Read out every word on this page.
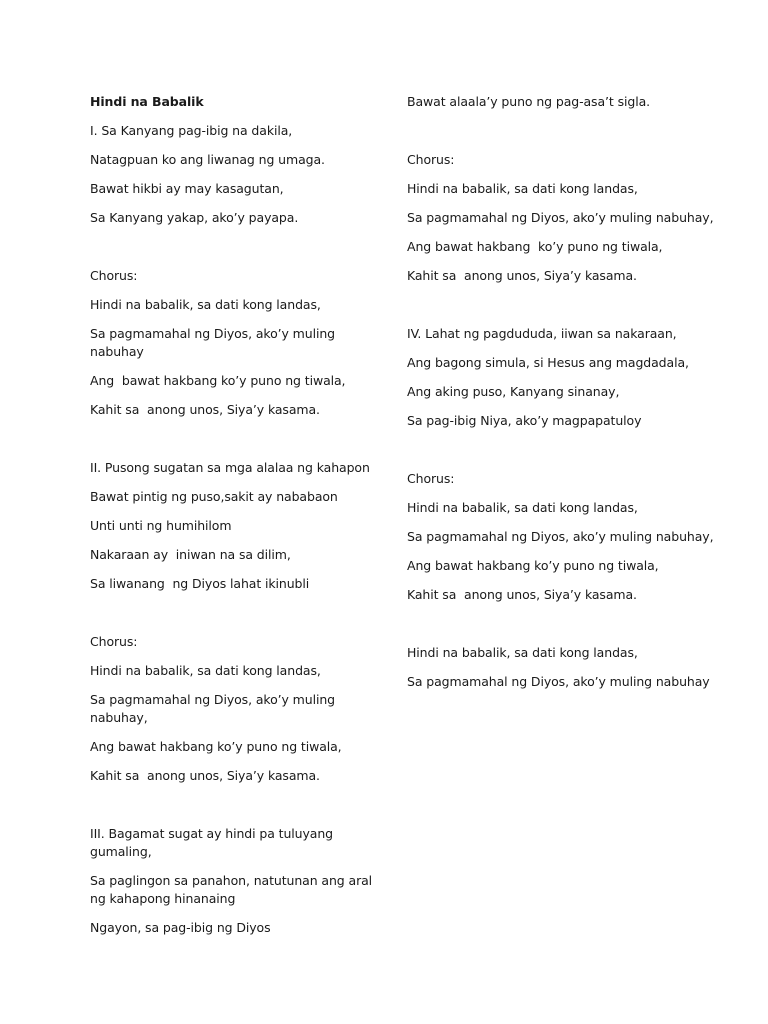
Hindi na Babalik
I. Sa Kanyang pag-ibig na dakila,
Natagpuan ko ang liwanag ng umaga.
Bawat hikbi ay may kasagutan,
Sa Kanyang yakap, ako’y payapa.
Chorus:
Hindi na babalik, sa dati kong landas,
Sa pagmamahal ng Diyos, ako’y muling nabuhay
Ang  bawat hakbang ko’y puno ng tiwala,
Kahit sa  anong unos, Siya’y kasama.
II. Pusong sugatan sa mga alalaa ng kahapon
Bawat pintig ng puso,sakit ay nababaon
Unti unti ng humihilom
Nakaraan ay  iniwan na sa dilim,
Sa liwanang  ng Diyos lahat ikinubli
Chorus:
Hindi na babalik, sa dati kong landas,
Sa pagmamahal ng Diyos, ako’y muling nabuhay,
Ang bawat hakbang ko’y puno ng tiwala,
Kahit sa  anong unos, Siya’y kasama.
III. Bagamat sugat ay hindi pa tuluyang gumaling,
Sa paglingon sa panahon, natutunan ang aral ng kahapong hinanaing
Ngayon, sa pag-ibig ng Diyos
Bawat alaala’y puno ng pag-asa’t sigla.
Chorus:
Hindi na babalik, sa dati kong landas,
Sa pagmamahal ng Diyos, ako’y muling nabuhay,
Ang bawat hakbang  ko’y puno ng tiwala,
Kahit sa  anong unos, Siya’y kasama.
IV. Lahat ng pagdududa, iiwan sa nakaraan,
Ang bagong simula, si Hesus ang magdadala,
Ang aking puso, Kanyang sinanay,
Sa pag-ibig Niya, ako’y magpapatuloy
Chorus:
Hindi na babalik, sa dati kong landas,
Sa pagmamahal ng Diyos, ako’y muling nabuhay,
Ang bawat hakbang ko’y puno ng tiwala,
Kahit sa  anong unos, Siya’y kasama.
Hindi na babalik, sa dati kong landas,
Sa pagmamahal ng Diyos, ako’y muling nabuhay
